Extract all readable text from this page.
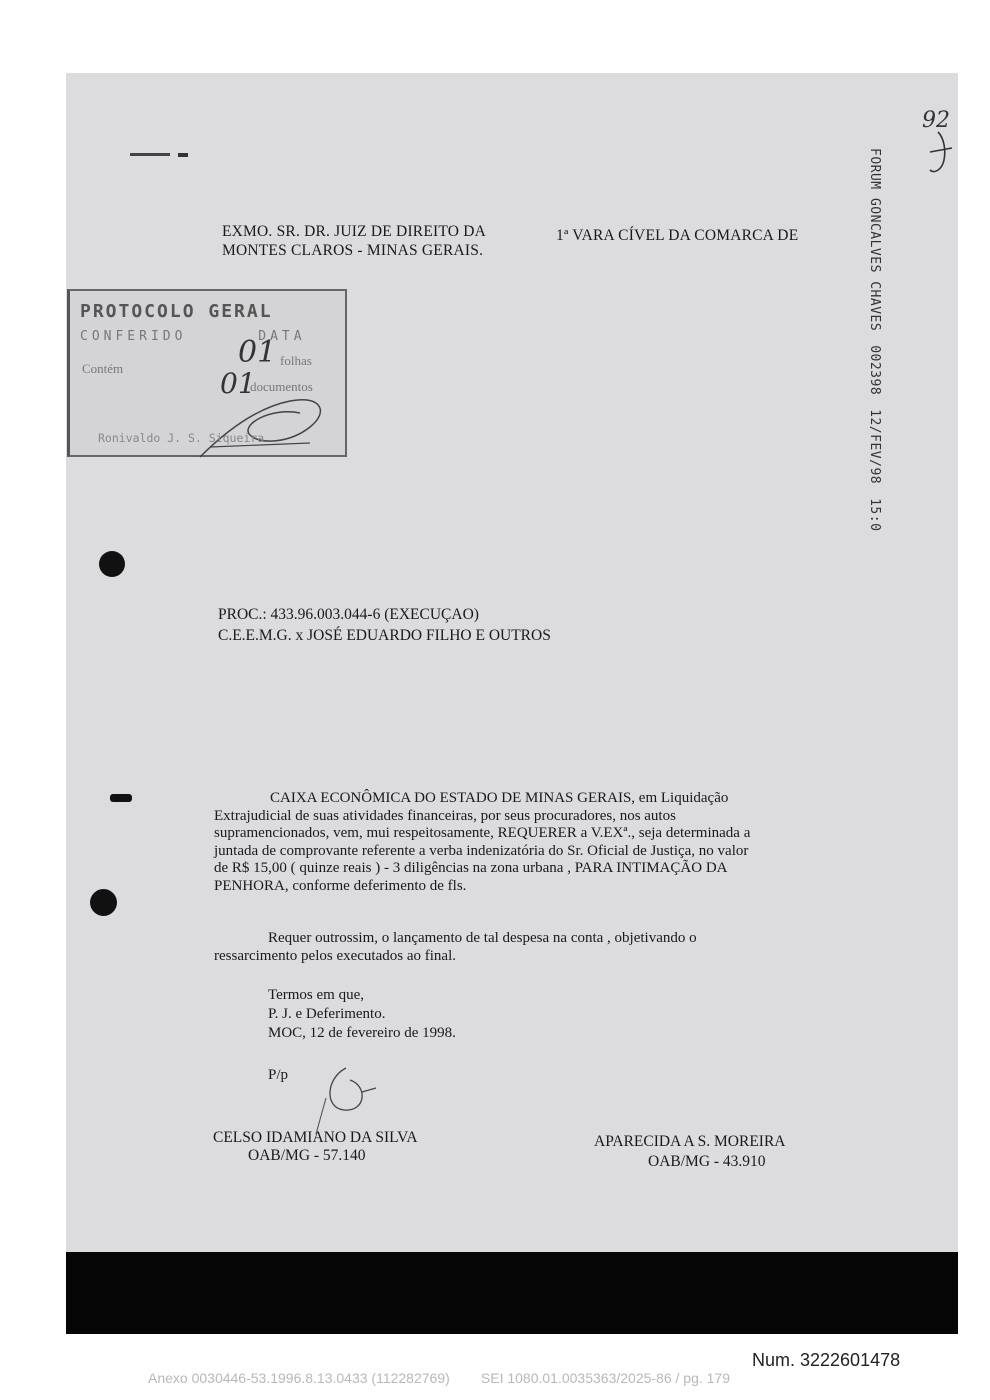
92
FORUM GONCALVES CHAVES00239812/FEV/9815:0
EXMO. SR. DR. JUIZ DE DIREITO DA	1ª VARA CÍVEL DA COMARCA DE
MONTES CLAROS - MINAS GERAIS.
PROTOCOLO GERAL
CONFERIDO	DATA
Contém
folhas
documentos
01
01
Ronivaldo J. S. Siqueira
PROC.: 433.96.003.044-6 (EXECUÇAO)
C.E.E.M.G. x JOSÉ EDUARDO FILHO E OUTROS
CAIXA ECONÔMICA DO ESTADO DE MINAS GERAIS, em Liquidação
Extrajudicial de suas atividades financeiras, por seus procuradores, nos autos
supramencionados, vem, mui respeitosamente, REQUERER a V.EXª., seja determinada a
juntada de comprovante referente a verba indenizatória do Sr. Oficial de Justiça, no valor
de R$ 15,00 ( quinze reais ) - 3 diligências na zona urbana , PARA INTIMAÇÃO DA
PENHORA, conforme deferimento de fls.
Requer outrossim, o lançamento de tal despesa na conta , objetivando o
ressarcimento pelos executados ao final.
Termos em que,
P. J. e Deferimento.
MOC, 12 de fevereiro de 1998.
P/p
CELSO IDAMIANO DA SILVA
OAB/MG - 57.140
APARECIDA A S. MOREIRA
OAB/MG - 43.910
Num. 3222601478
Anexo 0030446-53.1996.8.13.0433 (112282769)        SEI 1080.01.0035363/2025-86 / pg. 179
